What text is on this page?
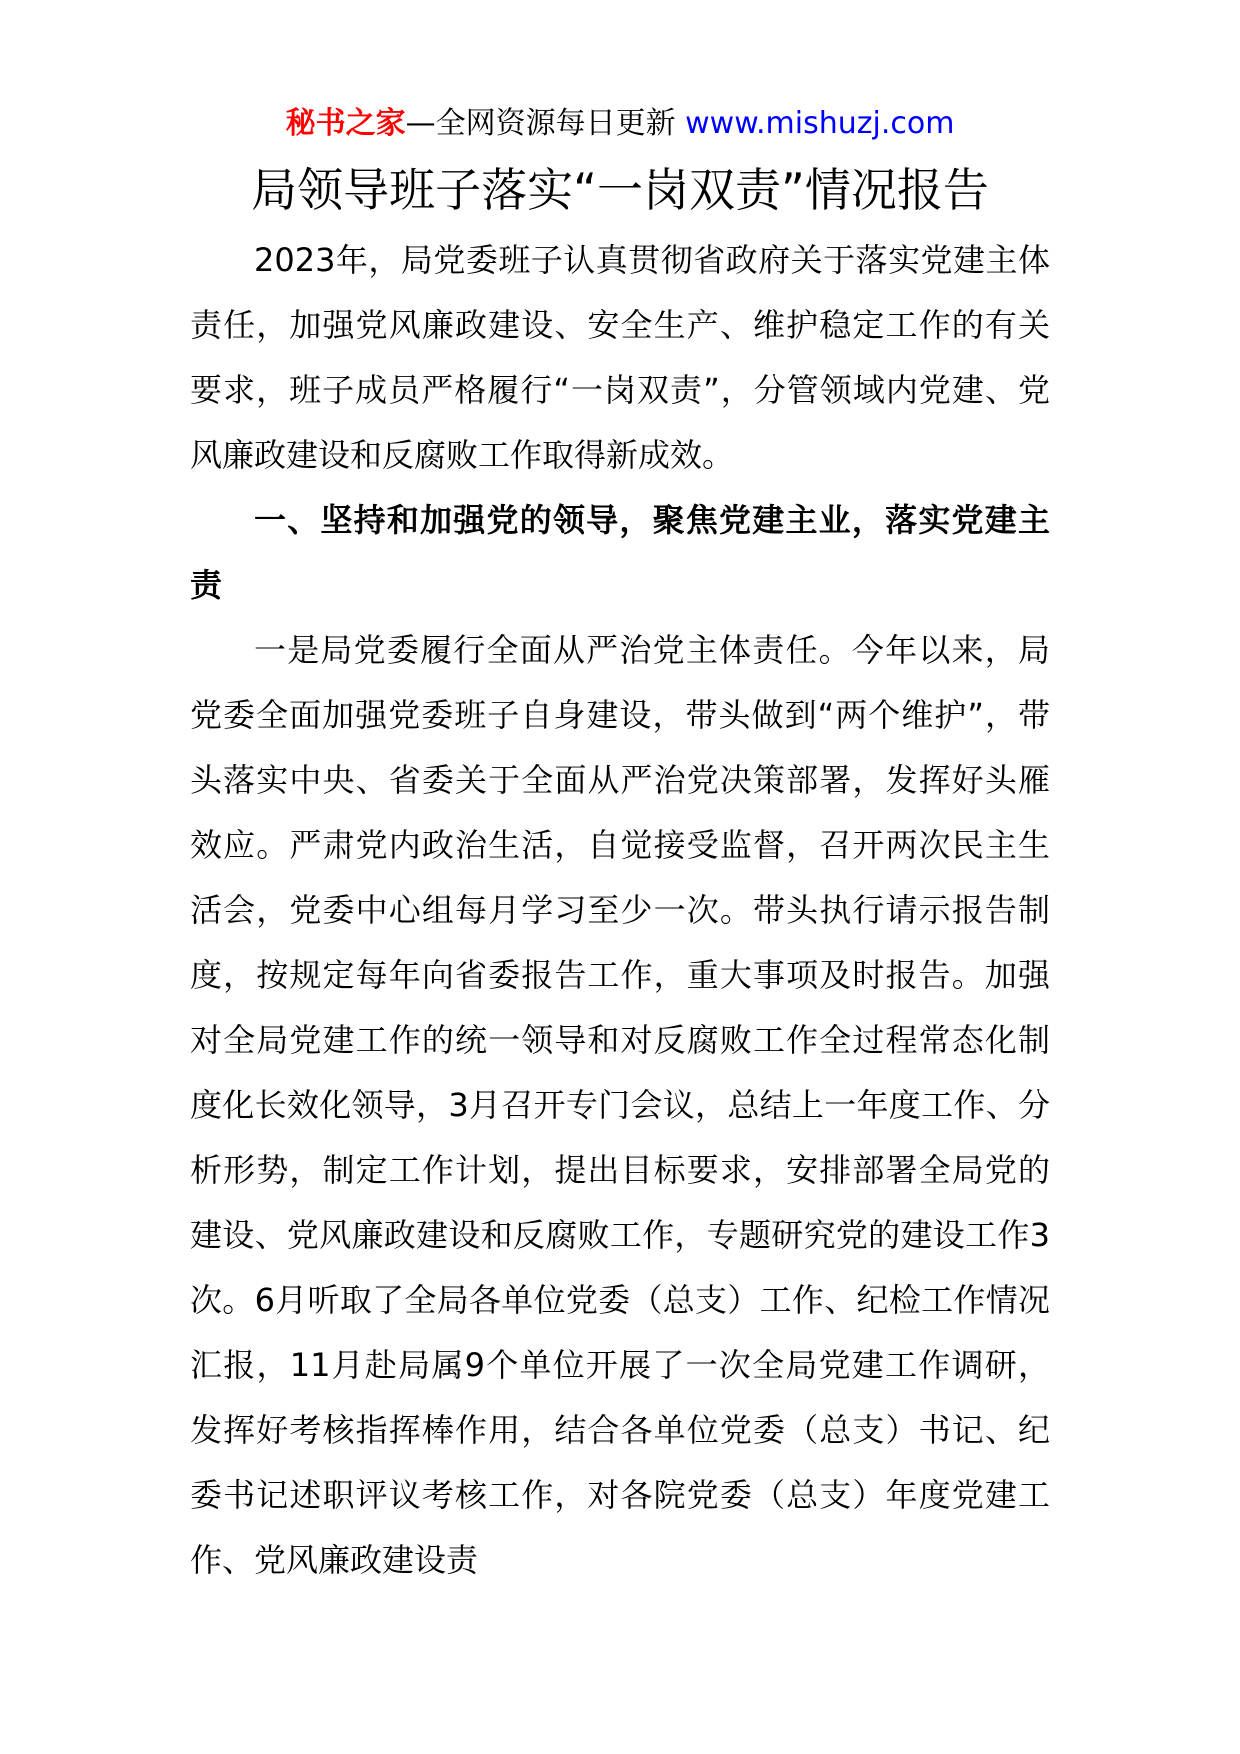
秘书之家—全网资源每日更新 www.mishuzj.com
局领导班子落实“一岗双责”情况报告

2023年，局党委班子认真贯彻省政府关于落实党建主体责任，加强党风廉政建设、安全生产、维护稳定工作的有关要求，班子成员严格履行“一岗双责”，分管领域内党建、党风廉政建设和反腐败工作取得新成效。

一、坚持和加强党的领导，聚焦党建主业，落实党建主责

一是局党委履行全面从严治党主体责任。今年以来，局党委全面加强党委班子自身建设，带头做到“两个维护”，带头落实中央、省委关于全面从严治党决策部署，发挥好头雁效应。严肃党内政治生活，自觉接受监督，召开两次民主生活会，党委中心组每月学习至少一次。带头执行请示报告制度，按规定每年向省委报告工作，重大事项及时报告。加强对全局党建工作的统一领导和对反腐败工作全过程常态化制度化长效化领导，3月召开专门会议，总结上一年度工作、分析形势，制定工作计划，提出目标要求，安排部署全局党的建设、党风廉政建设和反腐败工作，专题研究党的建设工作3次。6月听取了全局各单位党委（总支）工作、纪检工作情况汇报，11月赴局属9个单位开展了一次全局党建工作调研，发挥好考核指挥棒作用，结合各单位党委（总支）书记、纪委书记述职评议考核工作，对各院党委（总支）年度党建工作、党风廉政建设责
